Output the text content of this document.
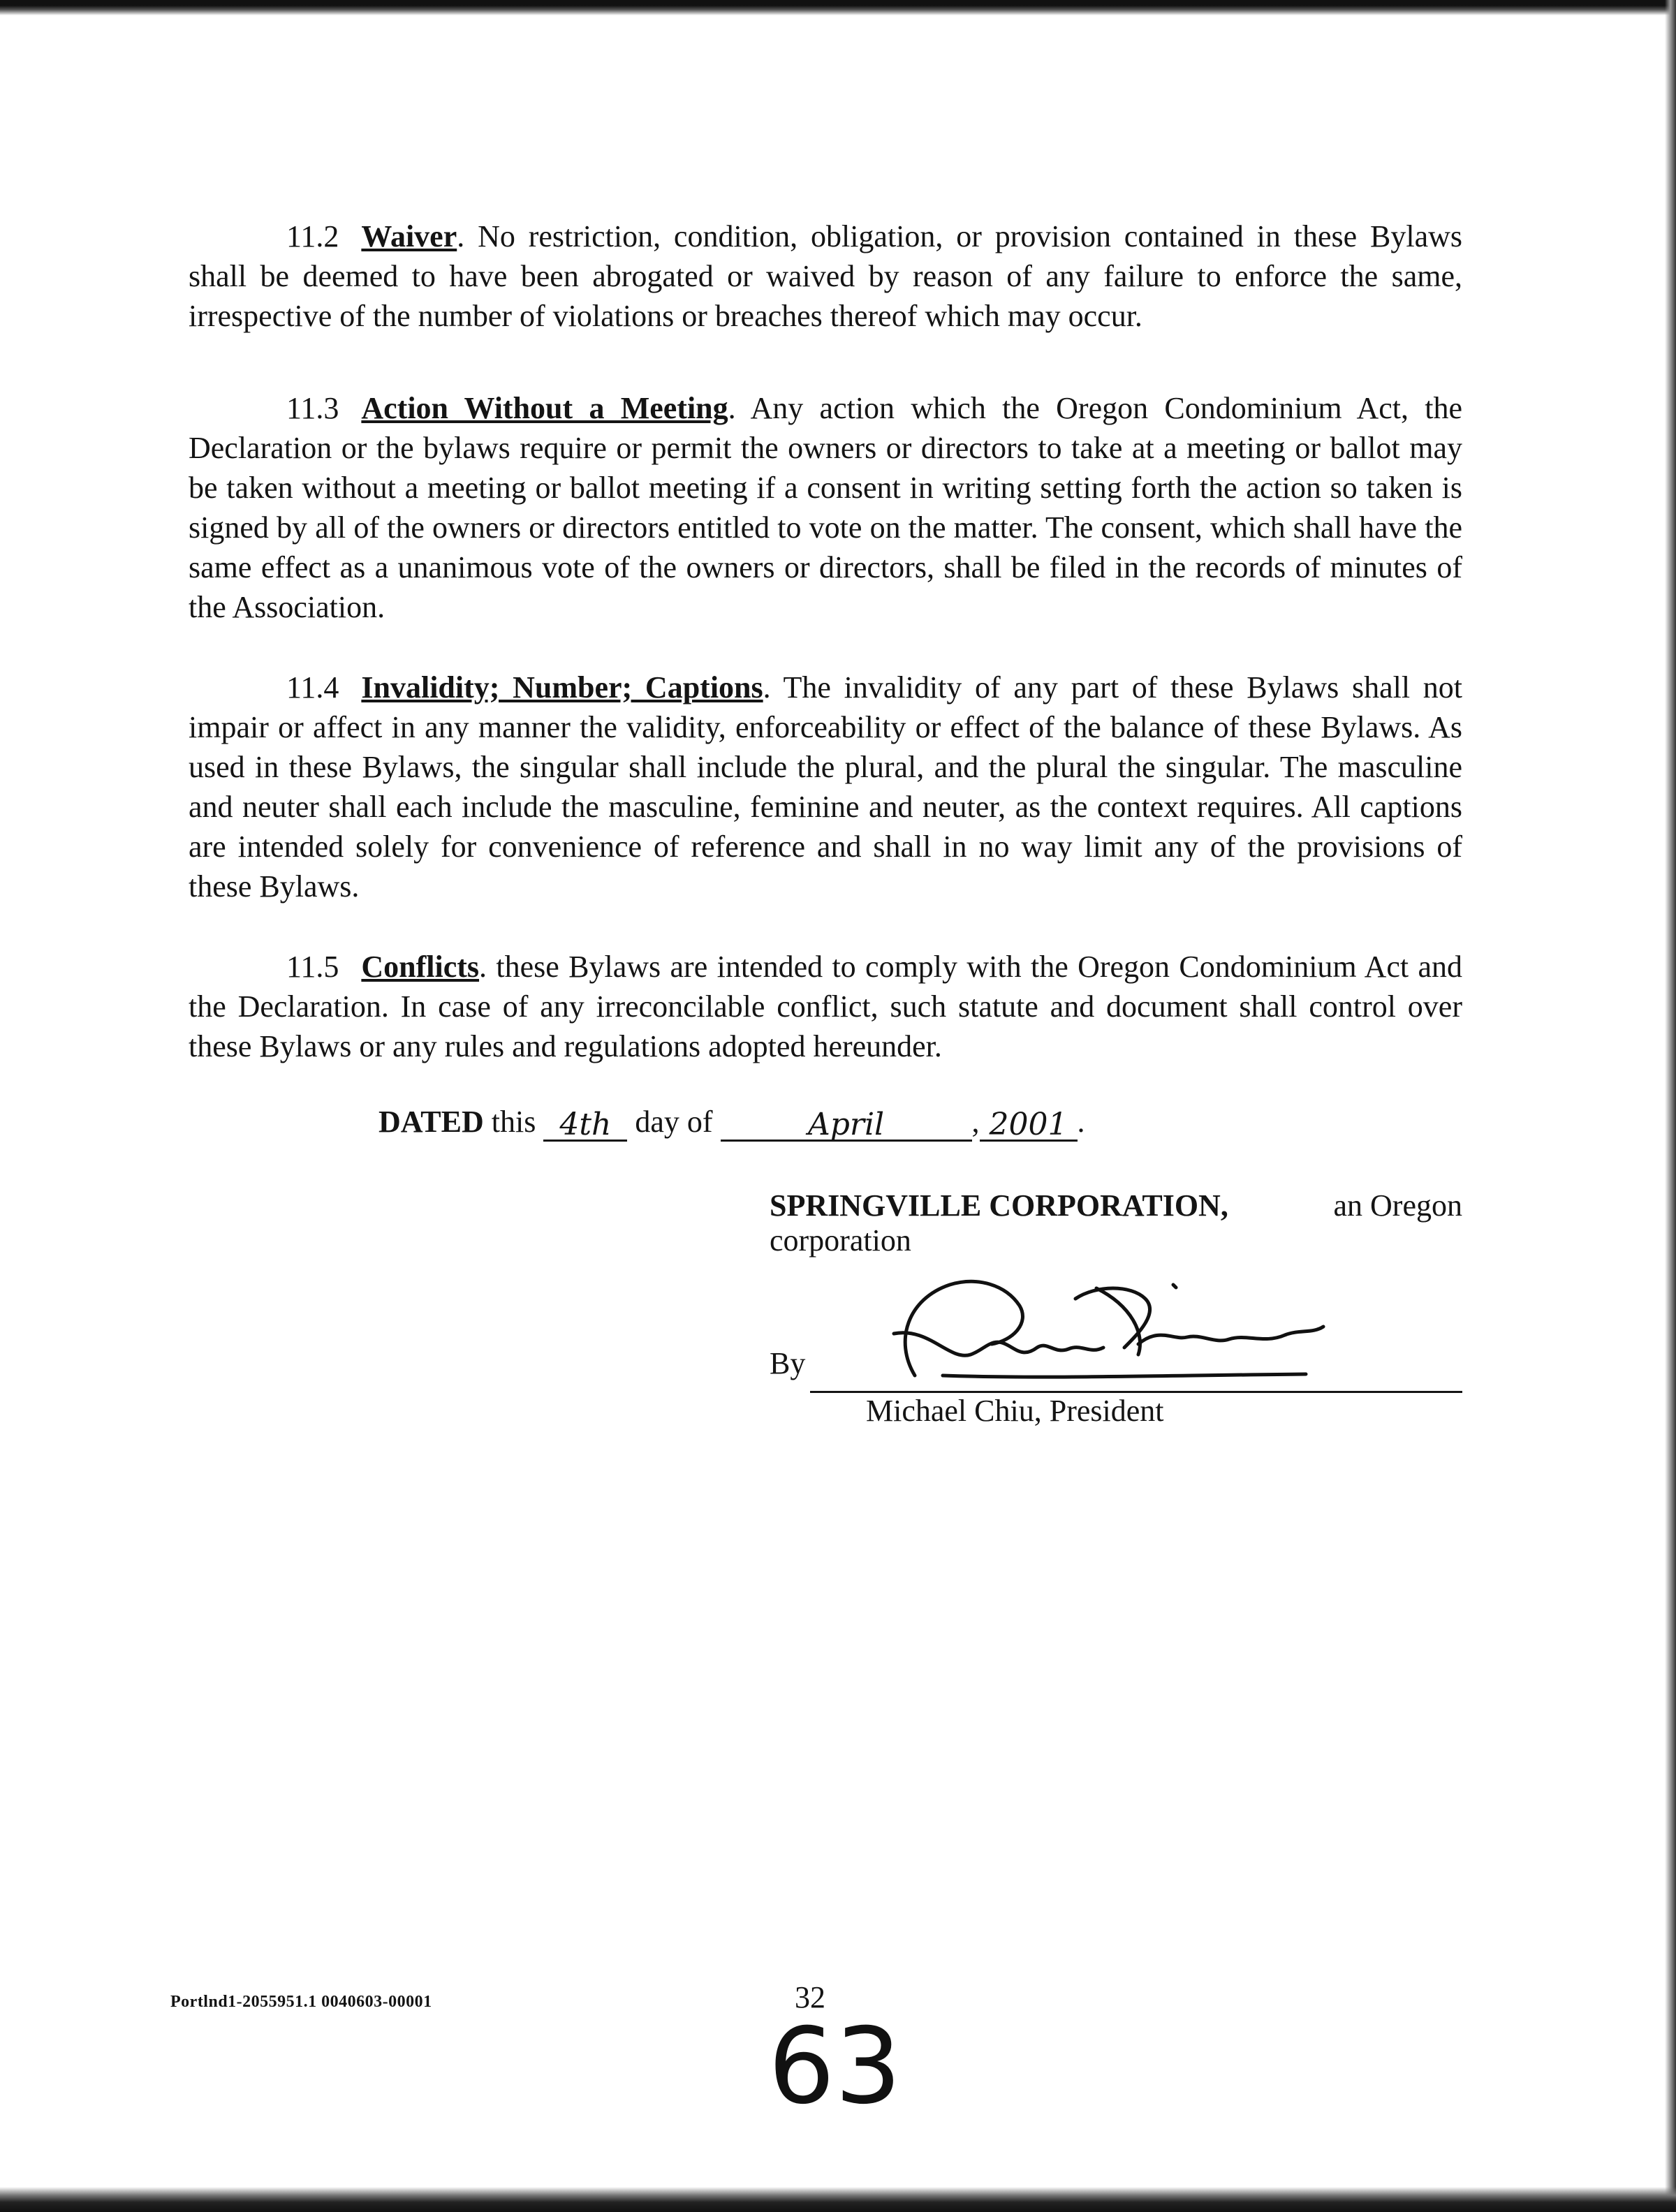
11.2 Waiver. No restriction, condition, obligation, or provision contained in these Bylaws shall be deemed to have been abrogated or waived by reason of any failure to enforce the same, irrespective of the number of violations or breaches thereof which may occur.

11.3 Action Without a Meeting. Any action which the Oregon Condominium Act, the Declaration or the bylaws require or permit the owners or directors to take at a meeting or ballot may be taken without a meeting or ballot meeting if a consent in writing setting forth the action so taken is signed by all of the owners or directors entitled to vote on the matter. The consent, which shall have the same effect as a unanimous vote of the owners or directors, shall be filed in the records of minutes of the Association.

11.4 Invalidity; Number; Captions. The invalidity of any part of these Bylaws shall not impair or affect in any manner the validity, enforceability or effect of the balance of these Bylaws. As used in these Bylaws, the singular shall include the plural, and the plural the singular. The masculine and neuter shall each include the masculine, feminine and neuter, as the context requires. All captions are intended solely for convenience of reference and shall in no way limit any of the provisions of these Bylaws.

11.5 Conflicts. these Bylaws are intended to comply with the Oregon Condominium Act and the Declaration. In case of any irreconcilable conflict, such statute and document shall control over these Bylaws or any rules and regulations adopted hereunder.

DATED this 4th day of	April	, 2001 .
SPRINGVILLE CORPORATION,	an Oregon
corporation
By
Michael Chiu, President
Portlnd1-2055951.1 0040603-00001	32
63
